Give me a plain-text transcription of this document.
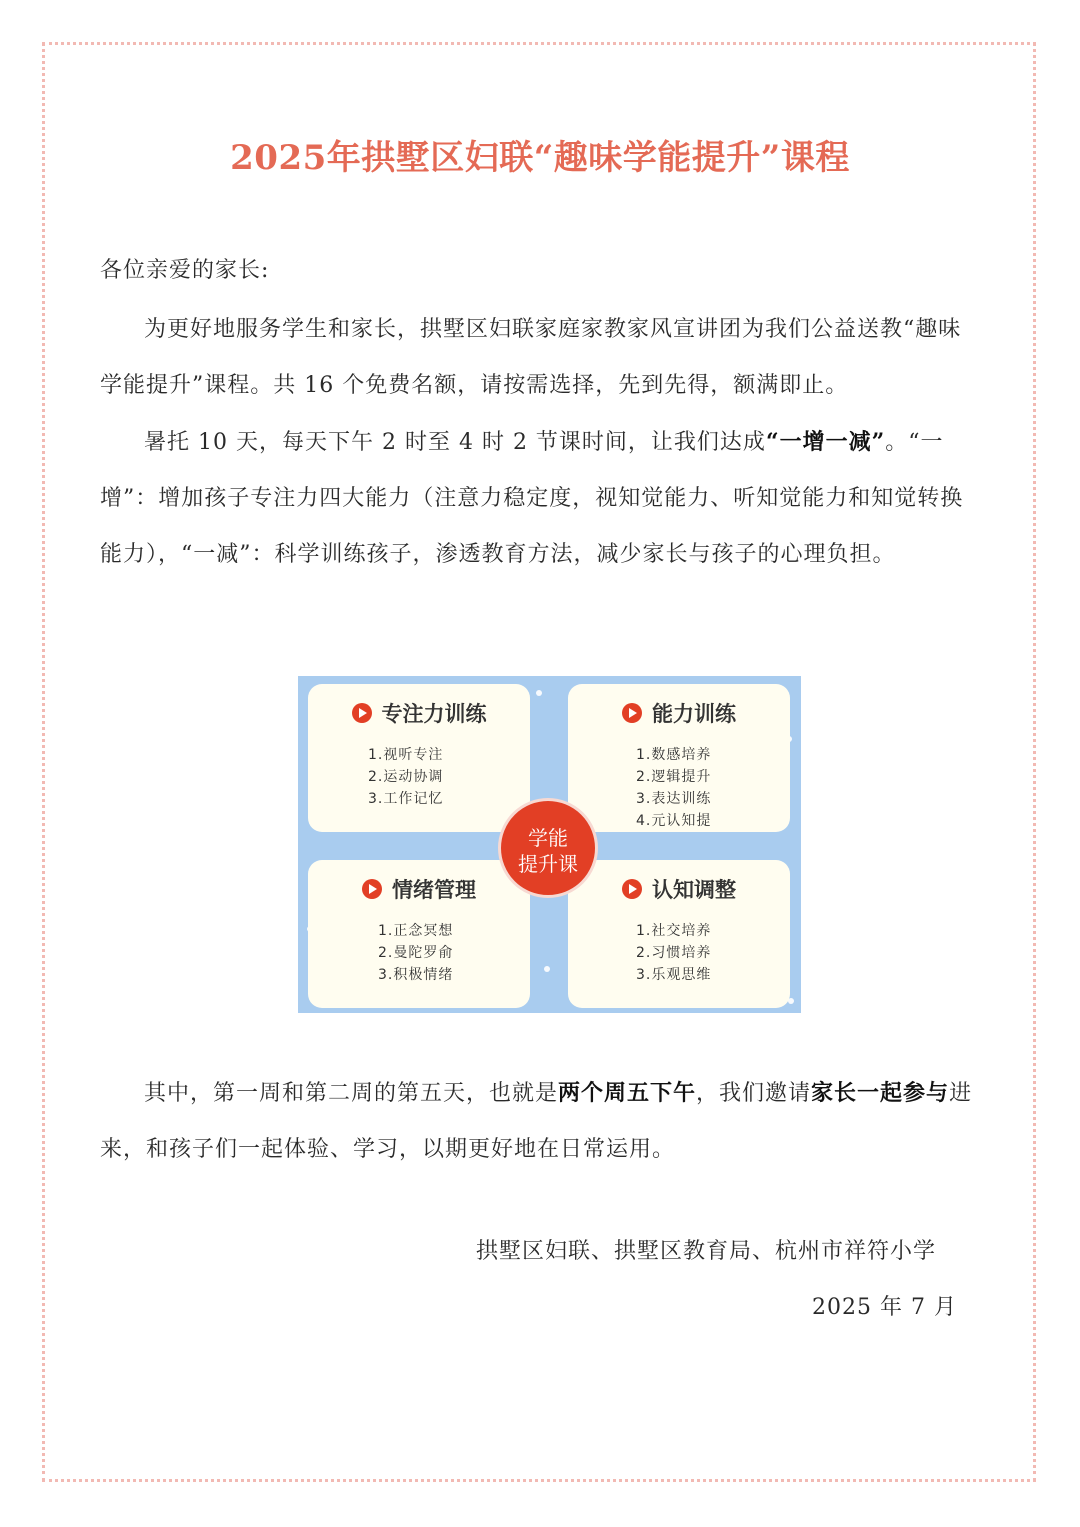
2025年拱墅区妇联“趣味学能提升”课程
各位亲爱的家长:
为更好地服务学生和家长，拱墅区妇联家庭家教家风宣讲团为我们公益送教“趣味学能提升”课程。共 16 个免费名额，请按需选择，先到先得，额满即止。
暑托 10 天，每天下午 2 时至 4 时 2 节课时间，让我们达成“一增一减”。“一增”：增加孩子专注力四大能力（注意力稳定度，视知觉能力、听知觉能力和知觉转换能力），“一减”：科学训练孩子，渗透教育方法，减少家长与孩子的心理负担。
专注力训练
1.视听专注
2.运动协调
3.工作记忆
能力训练
1.数感培养
2.逻辑提升
3.表达训练
4.元认知提
情绪管理
1.正念冥想
2.曼陀罗俞
3.积极情绪
认知调整
1.社交培养
2.习惯培养
3.乐观思维
学能
提升课
其中，第一周和第二周的第五天，也就是两个周五下午，我们邀请家长一起参与进来，和孩子们一起体验、学习，以期更好地在日常运用。
拱墅区妇联、拱墅区教育局、杭州市祥符小学
2025 年 7 月
